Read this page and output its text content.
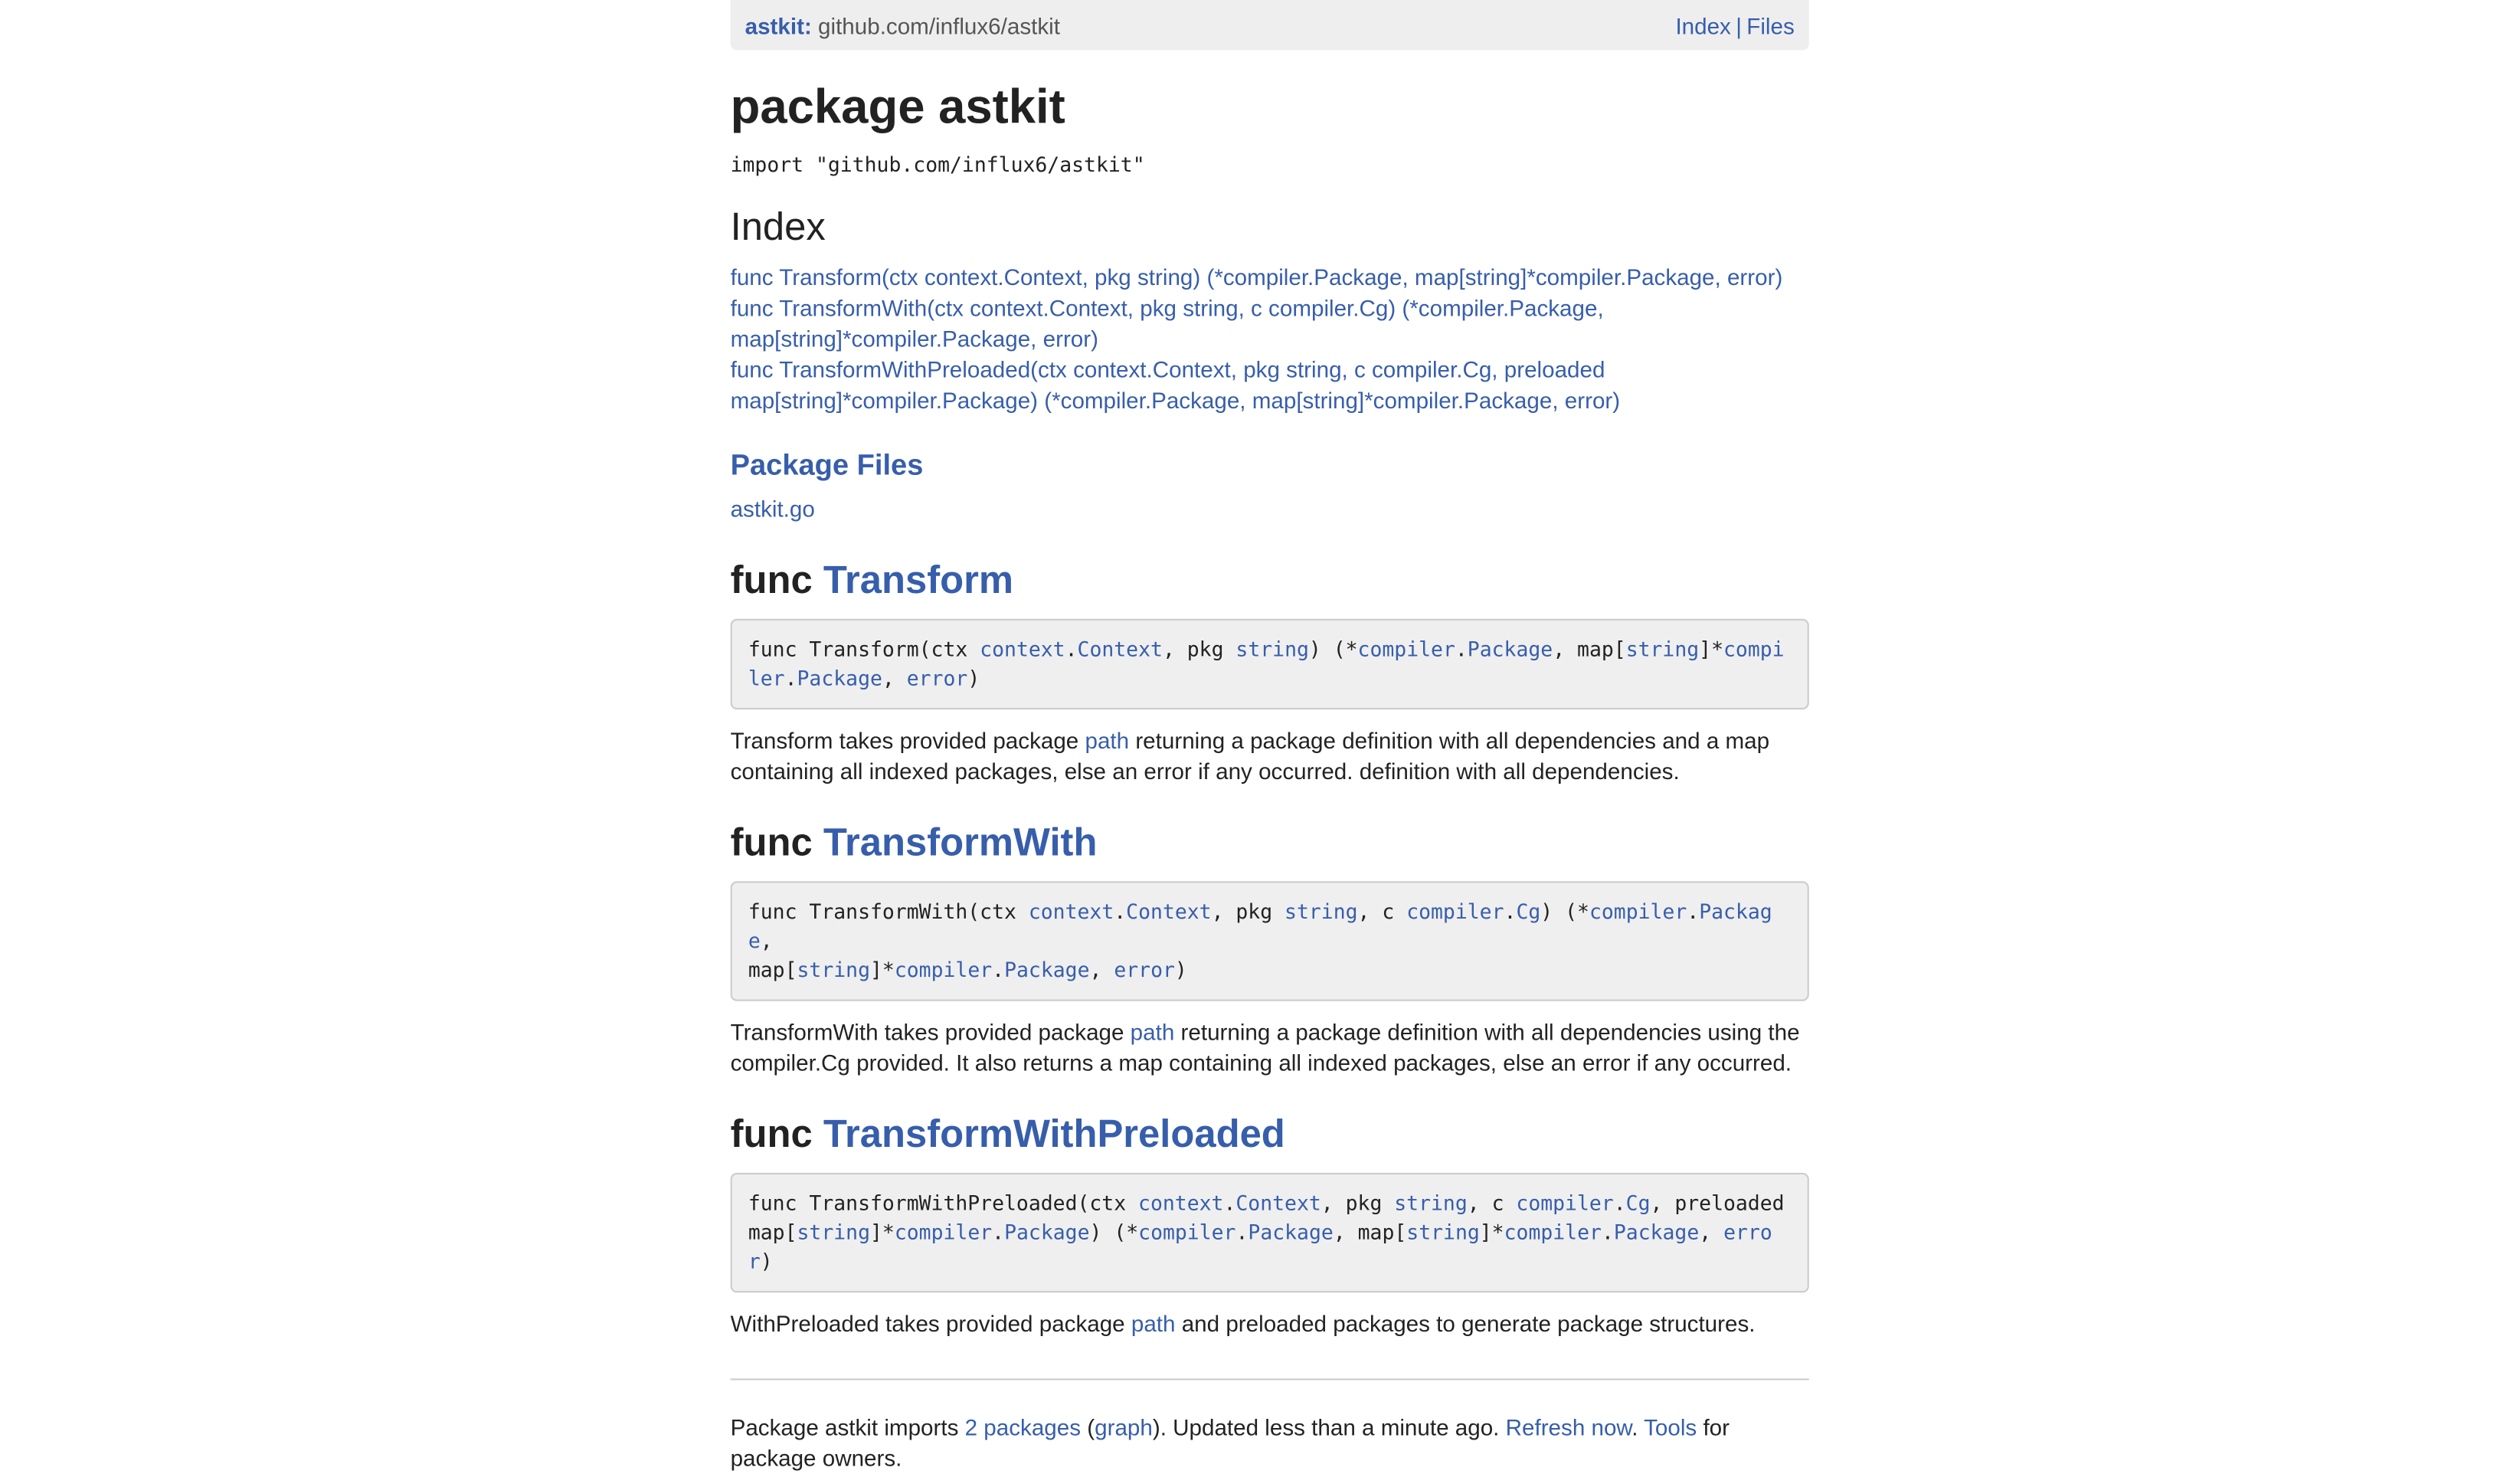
astkit: github.com/influx6/astkit	Index | Files
package astkit
import "github.com/influx6/astkit"
Index
func Transform(ctx context.Context, pkg string) (*compiler.Package, map[string]*compiler.Package, error)
func TransformWith(ctx context.Context, pkg string, c compiler.Cg) (*compiler.Package, map[string]*compiler.Package, error)
func TransformWithPreloaded(ctx context.Context, pkg string, c compiler.Cg, preloaded map[string]*compiler.Package) (*compiler.Package, map[string]*compiler.Package, error)
Package Files
astkit.go
func Transform
func Transform(ctx context.Context, pkg string) (*compiler.Package, map[string]*compiler.Package, error)
Transform takes provided package path returning a package definition with all dependencies and a map containing all indexed packages, else an error if any occurred. definition with all dependencies.
func TransformWith
func TransformWith(ctx context.Context, pkg string, c compiler.Cg) (*compiler.Package,
map[string]*compiler.Package, error)
TransformWith takes provided package path returning a package definition with all dependencies using the compiler.Cg provided. It also returns a map containing all indexed packages, else an error if any occurred.
func TransformWithPreloaded
func TransformWithPreloaded(ctx context.Context, pkg string, c compiler.Cg, preloaded
map[string]*compiler.Package) (*compiler.Package, map[string]*compiler.Package, error)
WithPreloaded takes provided package path and preloaded packages to generate package structures.
Package astkit imports 2 packages (graph). Updated less than a minute ago. Refresh now. Tools for package owners.
